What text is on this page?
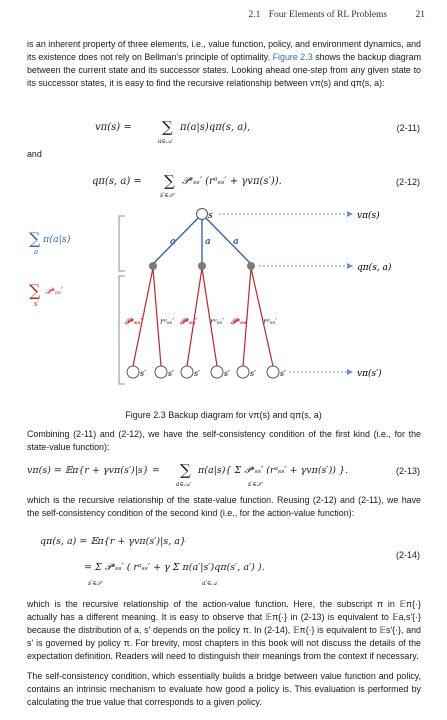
2.1 Four Elements of RL Problems	21
is an inherent property of three elements, i.e., value function, policy, and environment dynamics, and its existence does not rely on Bellman’s principle of optimality. Figure 2.3 shows the backup diagram between the current state and its successor states. Looking ahead one-step from any given state to its successor states, it is easy to find the recursive relationship between vπ(s) and qπ(s, a):
vπ(s) = ∑
a∈𝒜
π(a|s)qπ(s, a),	(2-11)
and
qπ(s, a) = ∑
s′∈𝒮
𝒫ᵃₛₛ′ (rᵃₛₛ′ + γvπ(s′)).	(2-12)
∑ π(a|s)
a
∑ 𝒫ᵃₛₛ′
s′
s
a	a a
𝒫ᵃₛₛ′ rᵃₛₛ′ 𝒫ᵃₛₛ′ rᵃₛₛ′ 𝒫ᵃₛₛ′ rᵃₛₛ′
s′	s′	s′	s′	s′	s′
vπ(s)
qπ(s, a)
vπ(s′)
Figure 2.3 Backup diagram for vπ(s) and qπ(s, a)
Combining (2-11) and (2-12), we have the self-consistency condition of the first kind (i.e., for the state-value function):
vπ(s) = 𝔼π{r + γvπ(s′)|s} = ∑
a∈𝒜
π(a|s){ Σ 𝒫ᵃₛₛ′ (rᵃₛₛ′ + γvπ(s′)) }.
s′∈𝒮
(2-13)
which is the recursive relationship of the state-value function. Reusing (2-12) and (2-11), we have the self-consistency condition of the second kind (i.e., for the action-value function):
qπ(s, a) = 𝔼π{r + γvπ(s′)|s, a}
= Σ 𝒫ᵃₛₛ′ ( rᵃₛₛ′ + γ Σ π(a′|s′)qπ(s′, a′) ).
s′∈𝒮	a′∈𝒜
(2-14)
which is the recursive relationship of the action-value function. Here, the subscript π in 𝔼π{·} actually has a different meaning. It is easy to observe that 𝔼π{·} in (2-13) is equivalent to 𝔼a,s′{·} because the distribution of a, s′ depends on the policy π. In (2-14), 𝔼π{·} is equivalent to 𝔼s′{·}, and s′ is governed by policy π. For brevity, most chapters in this book will not discuss the details of the expectation definition. Readers will need to distinguish their meanings from the context if necessary.
The self-consistency condition, which essentially builds a bridge between value function and policy, contains an intrinsic mechanism to evaluate how good a policy is. This evaluation is performed by calculating the true value that corresponds to a given policy.
